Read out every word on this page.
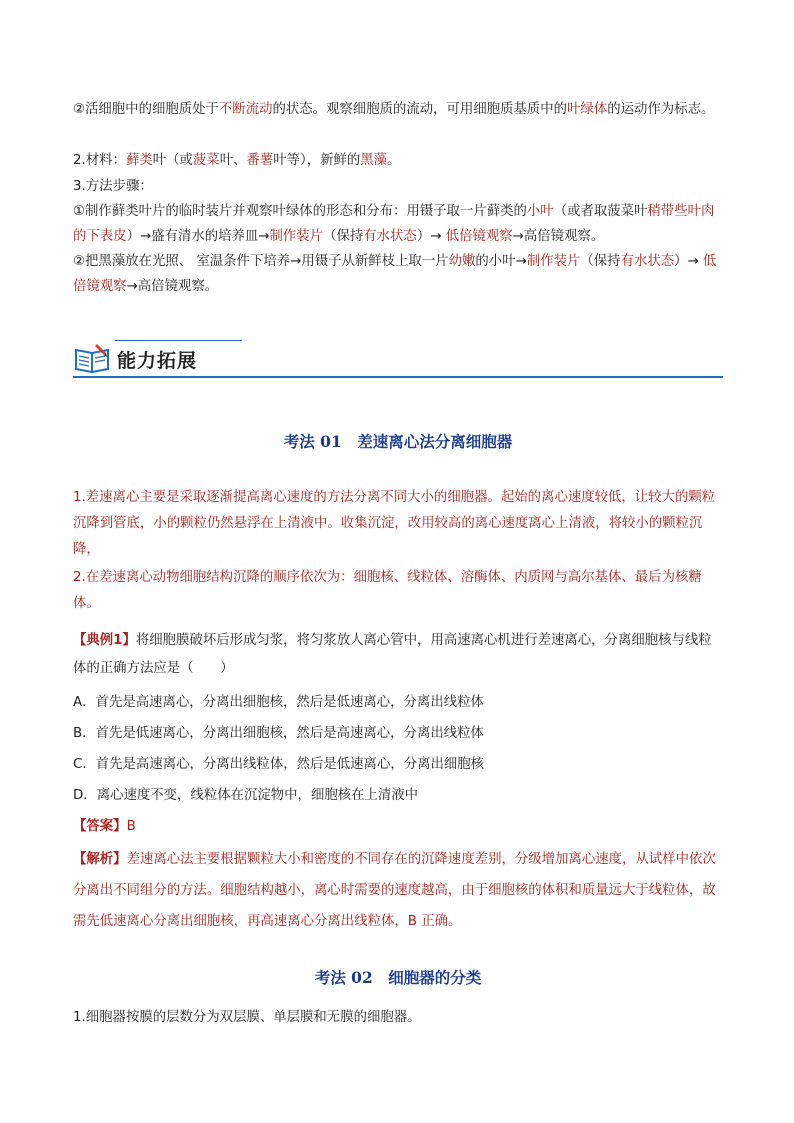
②活细胞中的细胞质处于不断流动的状态。观察细胞质的流动，可用细胞质基质中的叶绿体的运动作为标志。

2.材料：藓类叶（或菠菜叶、番薯叶等），新鲜的黑藻。

3.方法步骤：

①制作藓类叶片的临时装片并观察叶绿体的形态和分布：用镊子取一片藓类的小叶（或者取菠菜叶稍带些叶肉的下表皮）→盛有清水的培养皿→制作装片（保持有水状态）→ 低倍镜观察→高倍镜观察。

②把黑藻放在光照、 室温条件下培养→用镊子从新鲜枝上取一片幼嫩的小叶→制作装片（保持有水状态）→ 低倍镜观察→高倍镜观察。

能力拓展
考法 01　差速离心法分离细胞器

1.差速离心主要是采取逐渐提高离心速度的方法分离不同大小的细胞器。起始的离心速度较低，让较大的颗粒沉降到管底，小的颗粒仍然悬浮在上清液中。收集沉淀，改用较高的离心速度离心上清液，将较小的颗粒沉降，

2.在差速离心动物细胞结构沉降的顺序依次为：细胞核、线粒体、溶酶体、内质网与高尔基体、最后为核糖体。

【典例1】将细胞膜破坏后形成匀浆，将匀浆放人离心管中，用高速离心机进行差速离心，分离细胞核与线粒体的正确方法应是（　　）

A．首先是高速离心，分离出细胞核，然后是低速离心，分离出线粒体

B．首先是低速离心，分离出细胞核，然后是高速离心，分离出线粒体

C．首先是高速离心，分离出线粒体，然后是低速离心，分离出细胞核

D．离心速度不变，线粒体在沉淀物中，细胞核在上清液中

【答案】B

【解析】差速离心法主要根据颗粒大小和密度的不同存在的沉降速度差别，分级增加离心速度，从试样中依次分离出不同组分的方法。细胞结构越小，离心时需要的速度越高，由于细胞核的体积和质量远大于线粒体，故需先低速离心分离出细胞核，再高速离心分离出线粒体，B 正确。

考法 02　细胞器的分类

1.细胞器按膜的层数分为双层膜、单层膜和无膜的细胞器。
